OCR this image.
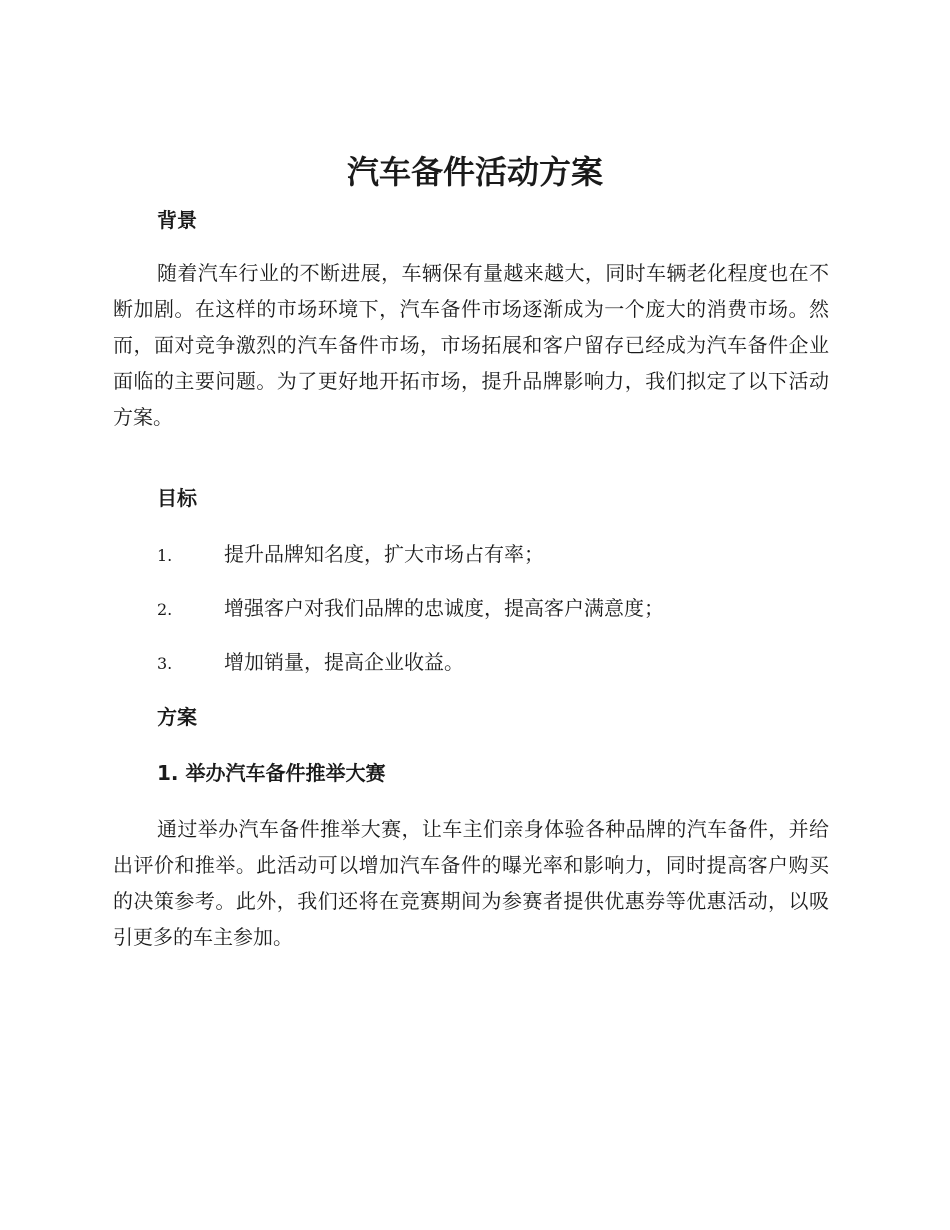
汽车备件活动方案
背景

随着汽车行业的不断进展，车辆保有量越来越大，同时车辆老化程度也在不断加剧。在这样的市场环境下，汽车备件市场逐渐成为一个庞大的消费市场。然而，面对竞争激烈的汽车备件市场，市场拓展和客户留存已经成为汽车备件企业面临的主要问题。为了更好地开拓市场，提升品牌影响力，我们拟定了以下活动方案。

目标
1.	提升品牌知名度，扩大市场占有率；
2.	增强客户对我们品牌的忠诚度，提高客户满意度；
3.	增加销量，提高企业收益。
方案
1. 举办汽车备件推举大赛

通过举办汽车备件推举大赛，让车主们亲身体验各种品牌的汽车备件，并给出评价和推举。此活动可以增加汽车备件的曝光率和影响力，同时提高客户购买的决策参考。此外，我们还将在竞赛期间为参赛者提供优惠券等优惠活动，以吸引更多的车主参加。
